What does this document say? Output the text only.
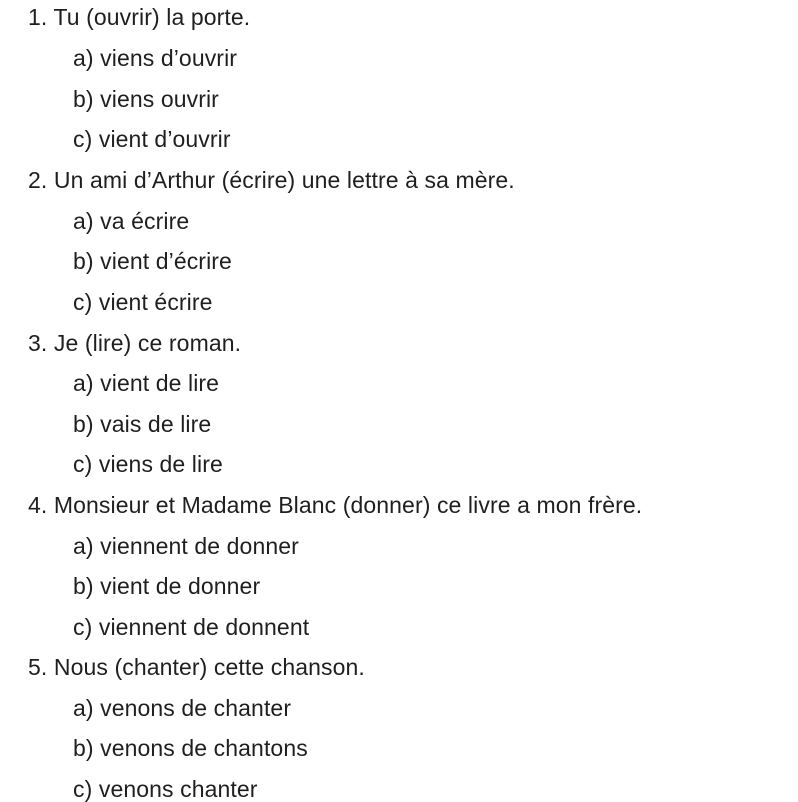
1. Tu (ouvrir) la porte.
a) viens d’ouvrir
b) viens ouvrir
c) vient d’ouvrir
2. Un ami d’Arthur (écrire) une lettre à sa mère.
a) va écrire
b) vient d’écrire
c) vient écrire
3. Je (lire) ce roman.
a) vient de lire
b) vais de lire
c) viens de lire
4. Monsieur et Madame Blanc (donner) ce livre a mon frère.
a) viennent de donner
b) vient de donner
c) viennent de donnent
5. Nous (chanter) cette chanson.
a) venons de chanter
b) venons de chantons
c) venons chanter
